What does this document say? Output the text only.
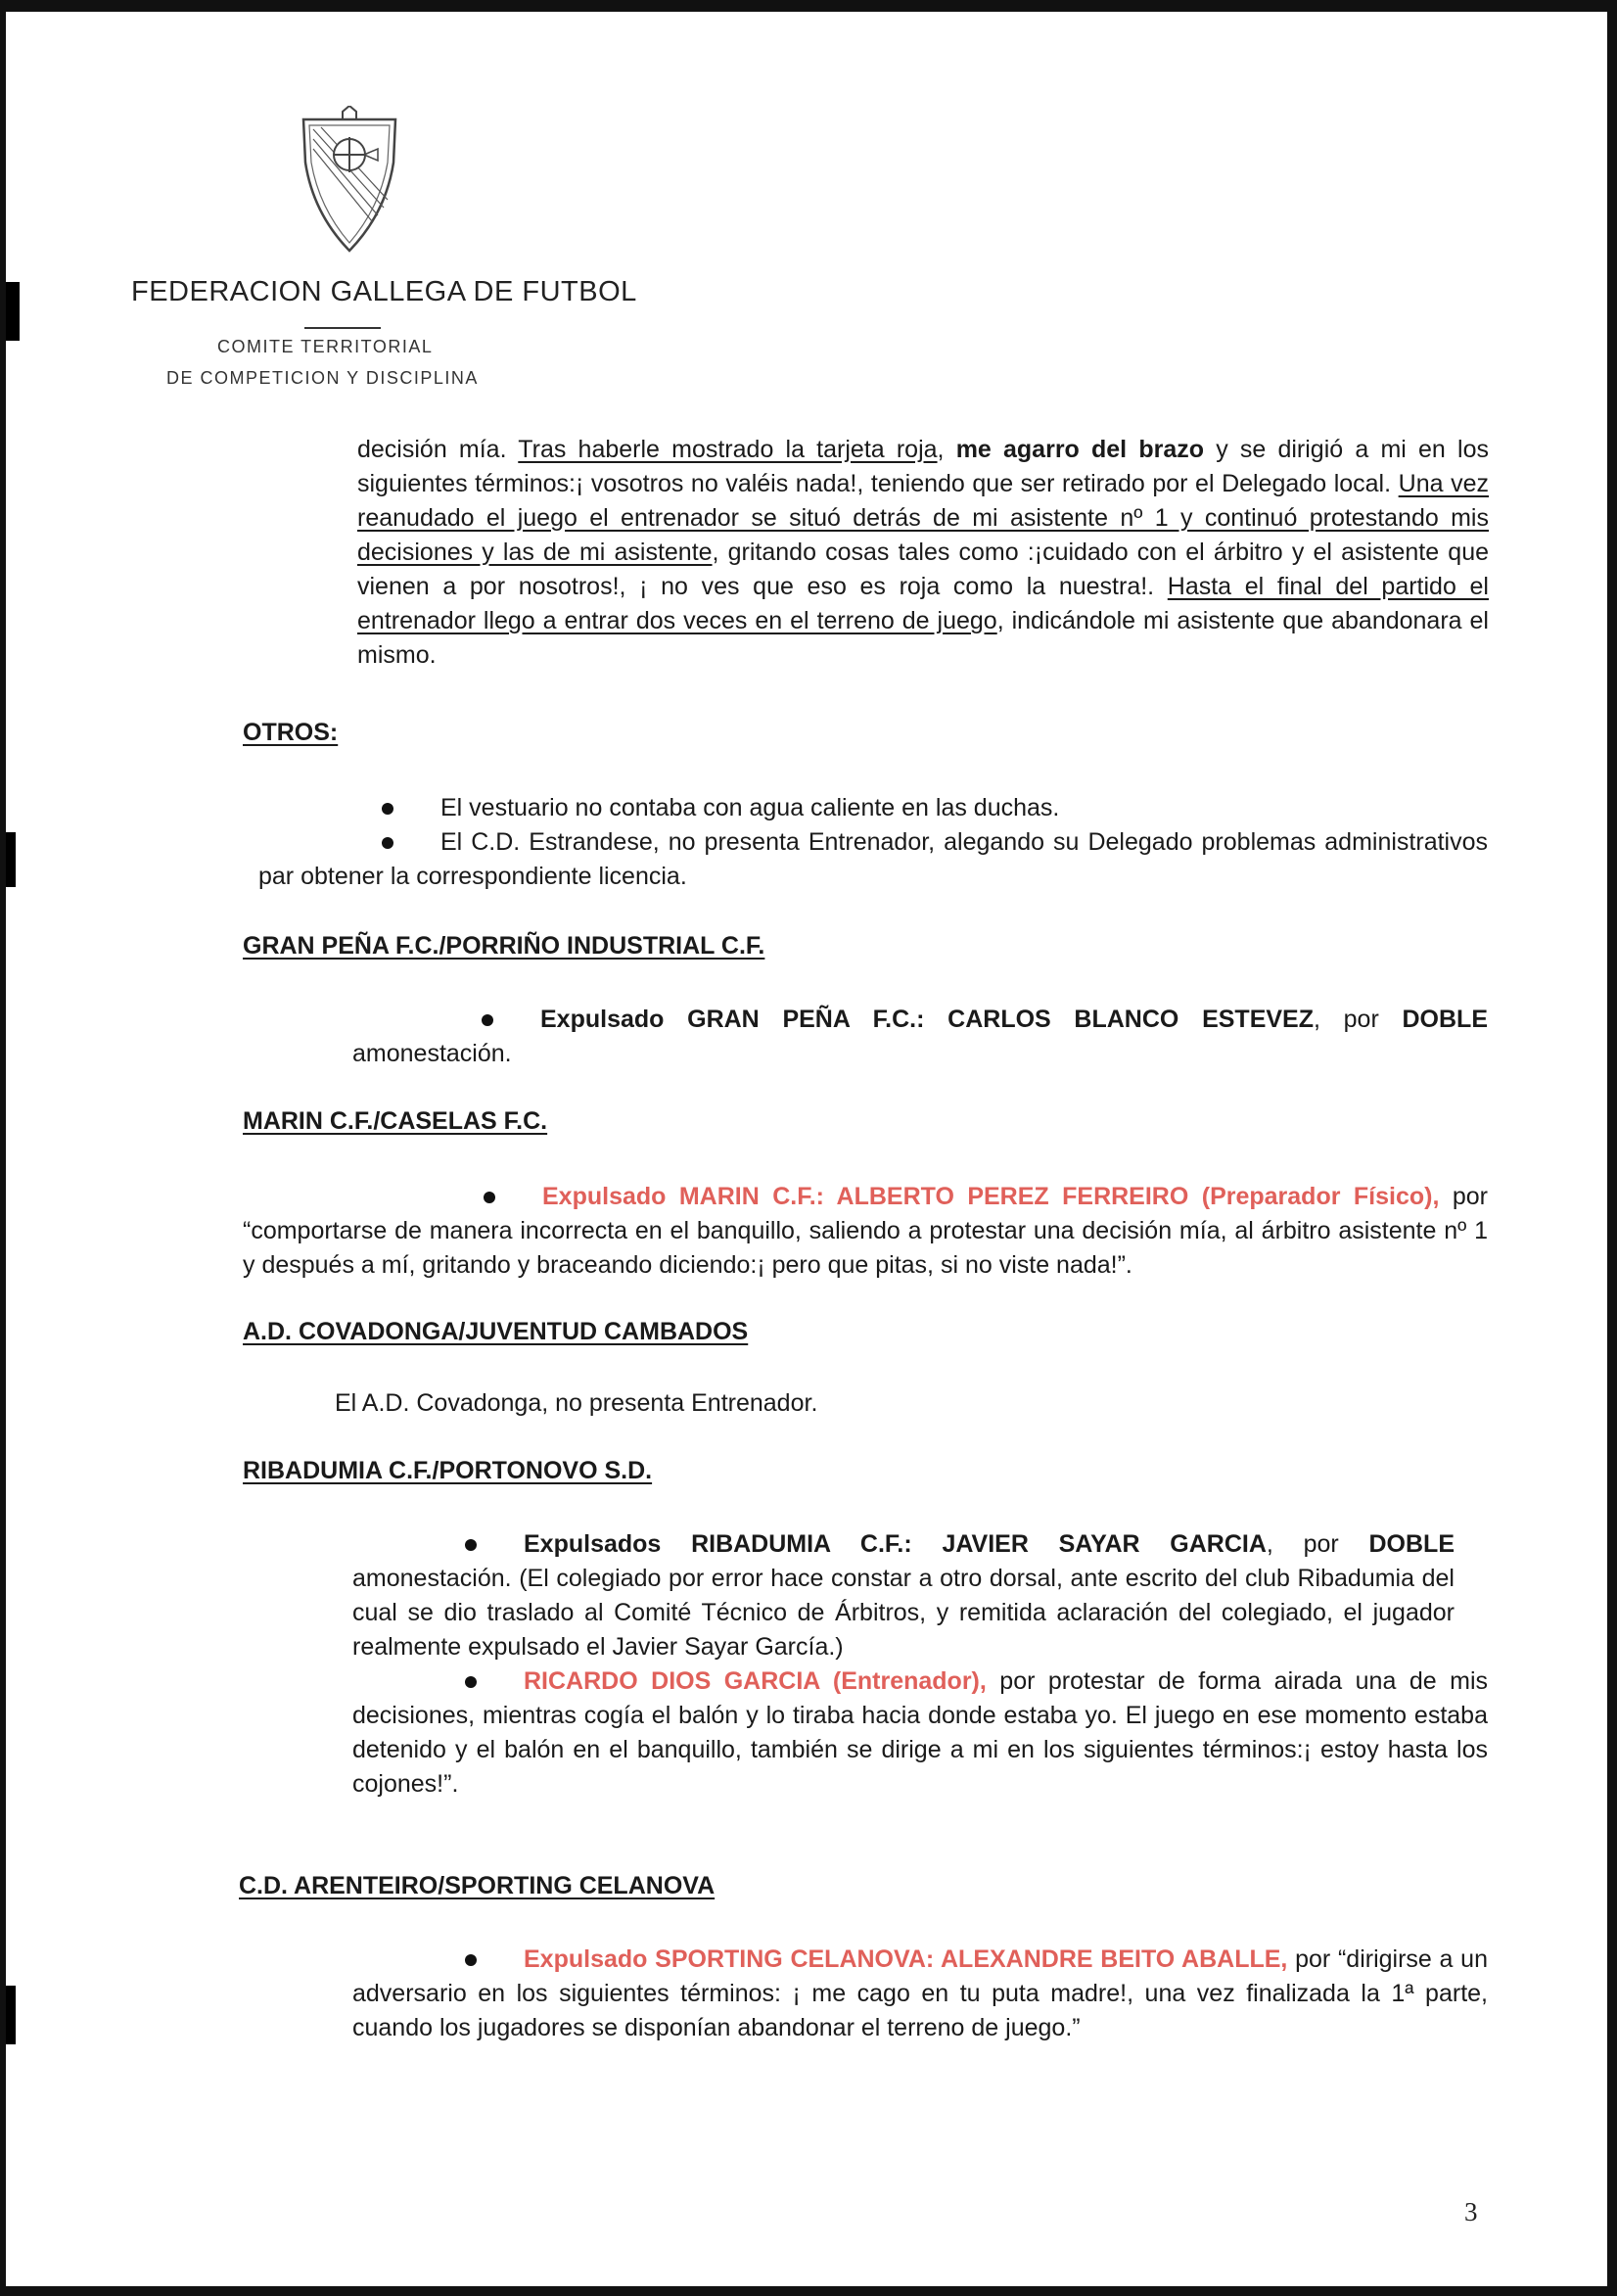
FEDERACION GALLEGA DE FUTBOL
COMITE TERRITORIAL
DE COMPETICION Y DISCIPLINA
decisión mía. Tras haberle mostrado la tarjeta roja, me agarro del brazo y se dirigió a mi en los siguientes términos:¡ vosotros no valéis nada!, teniendo que ser retirado por el Delegado local. Una vez reanudado el juego el entrenador se situó detrás de mi asistente nº 1 y continuó protestando mis decisiones y las de mi asistente, gritando cosas tales como :¡cuidado con el árbitro y el asistente que vienen a por nosotros!, ¡ no ves que eso es roja como la nuestra!. Hasta el final del partido el entrenador llego a entrar dos veces en el terreno de juego, indicándole mi asistente que abandonara el mismo.
OTROS:
El vestuario no contaba con agua caliente en las duchas.
El C.D. Estrandese, no presenta Entrenador, alegando su Delegado problemas administrativos par obtener la correspondiente licencia.
GRAN PEÑA F.C./PORRIÑO INDUSTRIAL C.F.
Expulsado GRAN PEÑA F.C.: CARLOS BLANCO ESTEVEZ, por DOBLE amonestación.
MARIN C.F./CASELAS F.C.
Expulsado MARIN C.F.: ALBERTO PEREZ FERREIRO (Preparador Físico), por “comportarse de manera incorrecta en el banquillo, saliendo a protestar una decisión mía, al árbitro asistente nº 1 y después a mí, gritando y braceando diciendo:¡ pero que pitas, si no viste nada!”.
A.D. COVADONGA/JUVENTUD CAMBADOS
El A.D. Covadonga, no presenta Entrenador.
RIBADUMIA C.F./PORTONOVO S.D.
Expulsados RIBADUMIA C.F.: JAVIER SAYAR GARCIA, por DOBLE amonestación. (El colegiado por error hace constar a otro dorsal, ante escrito del club Ribadumia del cual se dio traslado al Comité Técnico de Árbitros, y remitida aclaración del colegiado, el jugador realmente expulsado el Javier Sayar García.)
RICARDO DIOS GARCIA (Entrenador), por protestar de forma airada una de mis decisiones, mientras cogía el balón y lo tiraba hacia donde estaba yo. El juego en ese momento estaba detenido y el balón en el banquillo, también se dirige a mi en los siguientes términos:¡ estoy hasta los cojones!”.
C.D. ARENTEIRO/SPORTING CELANOVA
Expulsado SPORTING CELANOVA: ALEXANDRE BEITO ABALLE, por “dirigirse a un adversario en los siguientes términos: ¡ me cago en tu puta madre!, una vez finalizada la 1ª parte, cuando los jugadores se disponían abandonar el terreno de juego.”
3
